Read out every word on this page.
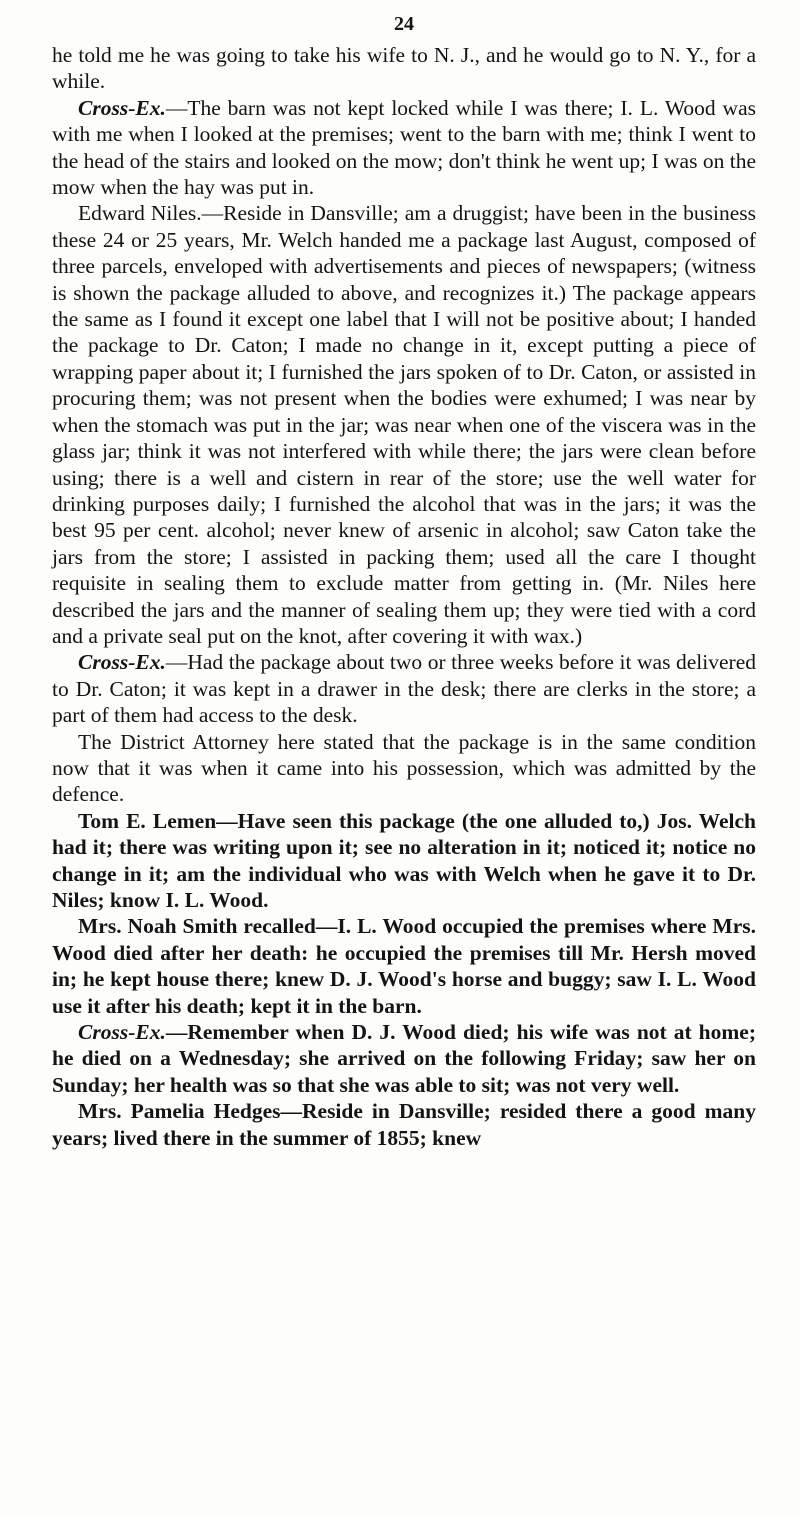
24

he told me he was going to take his wife to N. J., and he would go to N. Y., for a while.

Cross-Ex.—The barn was not kept locked while I was there; I. L. Wood was with me when I looked at the premises; went to the barn with me; think I went to the head of the stairs and looked on the mow; don't think he went up; I was on the mow when the hay was put in.

Edward Niles.—Reside in Dansville; am a druggist; have been in the business these 24 or 25 years, Mr. Welch handed me a package last August, composed of three parcels, enveloped with advertisements and pieces of newspapers; (witness is shown the package alluded to above, and recognizes it.) The package appears the same as I found it except one label that I will not be positive about; I handed the package to Dr. Caton; I made no change in it, except putting a piece of wrapping paper about it; I furnished the jars spoken of to Dr. Caton, or assisted in procuring them; was not present when the bodies were exhumed; I was near by when the stomach was put in the jar; was near when one of the viscera was in the glass jar; think it was not interfered with while there; the jars were clean before using; there is a well and cistern in rear of the store; use the well water for drinking purposes daily; I furnished the alcohol that was in the jars; it was the best 95 per cent. alcohol; never knew of arsenic in alcohol; saw Caton take the jars from the store; I assisted in packing them; used all the care I thought requisite in sealing them to exclude matter from getting in. (Mr. Niles here described the jars and the manner of sealing them up; they were tied with a cord and a private seal put on the knot, after covering it with wax.)

Cross-Ex.—Had the package about two or three weeks before it was delivered to Dr. Caton; it was kept in a drawer in the desk; there are clerks in the store; a part of them had access to the desk.

The District Attorney here stated that the package is in the same condition now that it was when it came into his possession, which was admitted by the defence.

Tom E. Lemen—Have seen this package (the one alluded to,) Jos. Welch had it; there was writing upon it; see no alteration in it; noticed it; notice no change in it; am the individual who was with Welch when he gave it to Dr. Niles; know I. L. Wood.

Mrs. Noah Smith recalled—I. L. Wood occupied the premises where Mrs. Wood died after her death: he occupied the premises till Mr. Hersh moved in; he kept house there; knew D. J. Wood's horse and buggy; saw I. L. Wood use it after his death; kept it in the barn.

Cross-Ex.—Remember when D. J. Wood died; his wife was not at home; he died on a Wednesday; she arrived on the following Friday; saw her on Sunday; her health was so that she was able to sit; was not very well.

Mrs. Pamelia Hedges—Reside in Dansville; resided there a good many years; lived there in the summer of 1855; knew
